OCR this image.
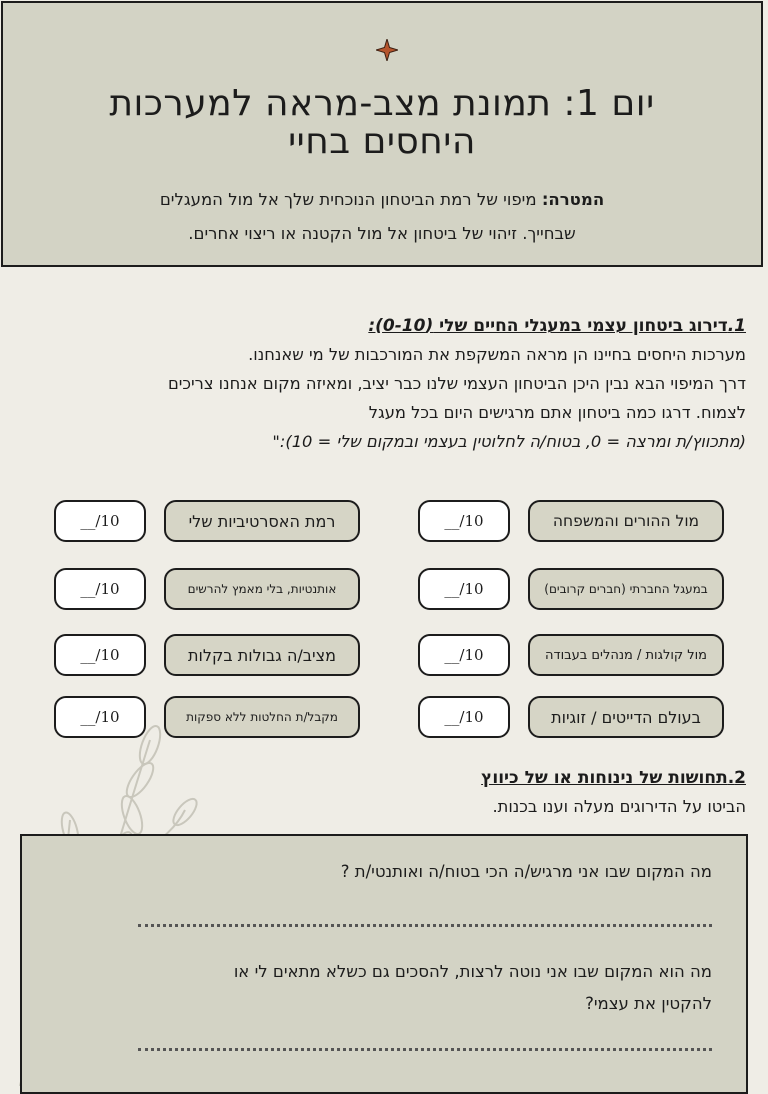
יום 1: תמונת מצב-מראה למערכות
היחסים בחיי

המטרה: מיפוי של רמת הביטחון הנוכחית שלך אל מול המעגלים
שבחייך. זיהוי של ביטחון אל מול הקטנה או ריצוי אחרים.

1.דירוג ביטחון עצמי במעגלי החיים שלי (0-10):

מערכות היחסים בחיינו הן מראה המשקפת את המורכבות של מי שאנחנו.

דרך המיפוי הבא נבין היכן הביטחון העצמי שלנו כבר יציב, ומאיזה מקום אנחנו צריכים

לצמוח. דרגו כמה ביטחון אתם מרגישים היום בכל מעגל

(מתכווץ/ת ומרצה = 0, בטוח/ה לחלוטין בעצמי ובמקום שלי = 10):"

מול ההורים והמשפחה
__/10
במעגל החברתי (חברים קרובים)
__/10
מול קולגות / מנהלים בעבודה
__/10
בעולם הדייטים / זוגיות
__/10
רמת האסרטיביות שלי
__/10
אותנטיות, בלי מאמץ להרשים
__/10
מציב/ה גבולות בקלות
__/10
מקבל/ת החלטות ללא ספקות
__/10

2.תחושות של נינוחות או של כיווץ

הביטו על הדירוגים מעלה וענו בכנות.

מה המקום שבו אני מרגיש/ה הכי בטוח/ה ואותנטי/ת ?

מה הוא המקום שבו אני נוטה לרצות, להסכים גם כשלא מתאים לי או
להקטין את עצמי?
